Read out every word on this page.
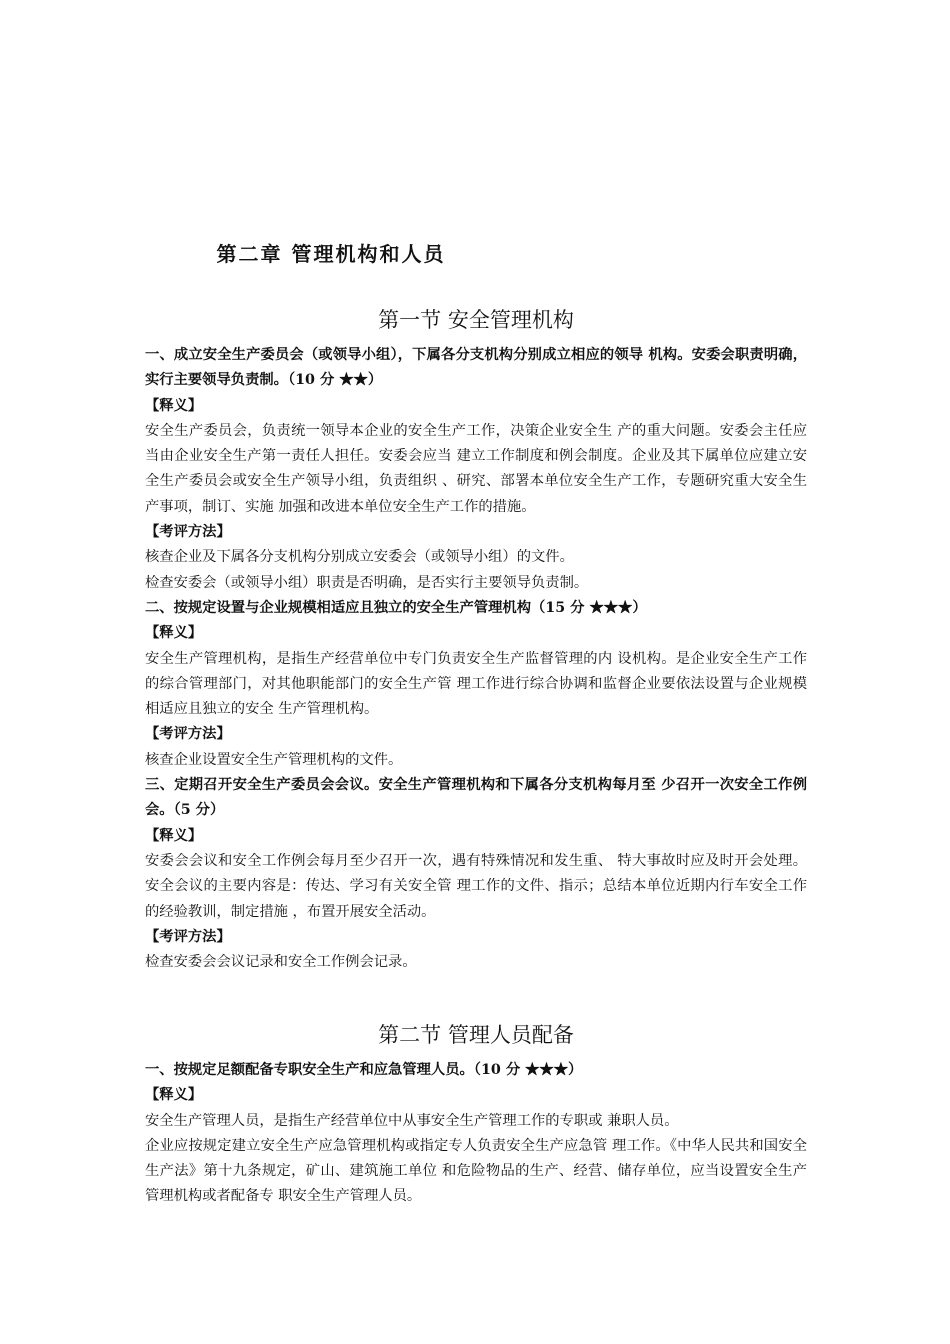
第二章 管理机构和人员
第一节 安全管理机构
一、成立安全生产委员会（或领导小组），下属各分支机构分别成立相应的领导 机构。安委会职责明确，实行主要领导负责制。（10 分 ★★）
【释义】
安全生产委员会，负责统一领导本企业的安全生产工作，决策企业安全生 产的重大问题。安委会主任应当由企业安全生产第一责任人担任。安委会应当 建立工作制度和例会制度。企业及其下属单位应建立安全生产委员会或安全生产领导小组，负责组织 、研究、部署本单位安全生产工作，专题研究重大安全生产事项，制订、实施 加强和改进本单位安全生产工作的措施。
【考评方法】
核查企业及下属各分支机构分别成立安委会（或领导小组）的文件。
检查安委会（或领导小组）职责是否明确，是否实行主要领导负责制。
二、按规定设置与企业规模相适应且独立的安全生产管理机构（15 分 ★★★）
【释义】
安全生产管理机构，是指生产经营单位中专门负责安全生产监督管理的内 设机构。是企业安全生产工作的综合管理部门，对其他职能部门的安全生产管 理工作进行综合协调和监督企业要依法设置与企业规模相适应且独立的安全 生产管理机构。
【考评方法】
核查企业设置安全生产管理机构的文件。
三、定期召开安全生产委员会会议。安全生产管理机构和下属各分支机构每月至 少召开一次安全工作例会。（5 分）
【释义】
安委会会议和安全工作例会每月至少召开一次，遇有特殊情况和发生重、 特大事故时应及时开会处理。安全会议的主要内容是：传达、学习有关安全管 理工作的文件、指示；总结本单位近期内行车安全工作的经验教训，制定措施 ，布置开展安全活动。
【考评方法】
检查安委会会议记录和安全工作例会记录。
第二节 管理人员配备
一、按规定足额配备专职安全生产和应急管理人员。（10 分 ★★★）
【释义】
安全生产管理人员，是指生产经营单位中从事安全生产管理工作的专职或 兼职人员。
企业应按规定建立安全生产应急管理机构或指定专人负责安全生产应急管 理工作。《中华人民共和国安全生产法》第十九条规定，矿山、建筑施工单位 和危险物品的生产、经营、储存单位，应当设置安全生产管理机构或者配备专 职安全生产管理人员。
